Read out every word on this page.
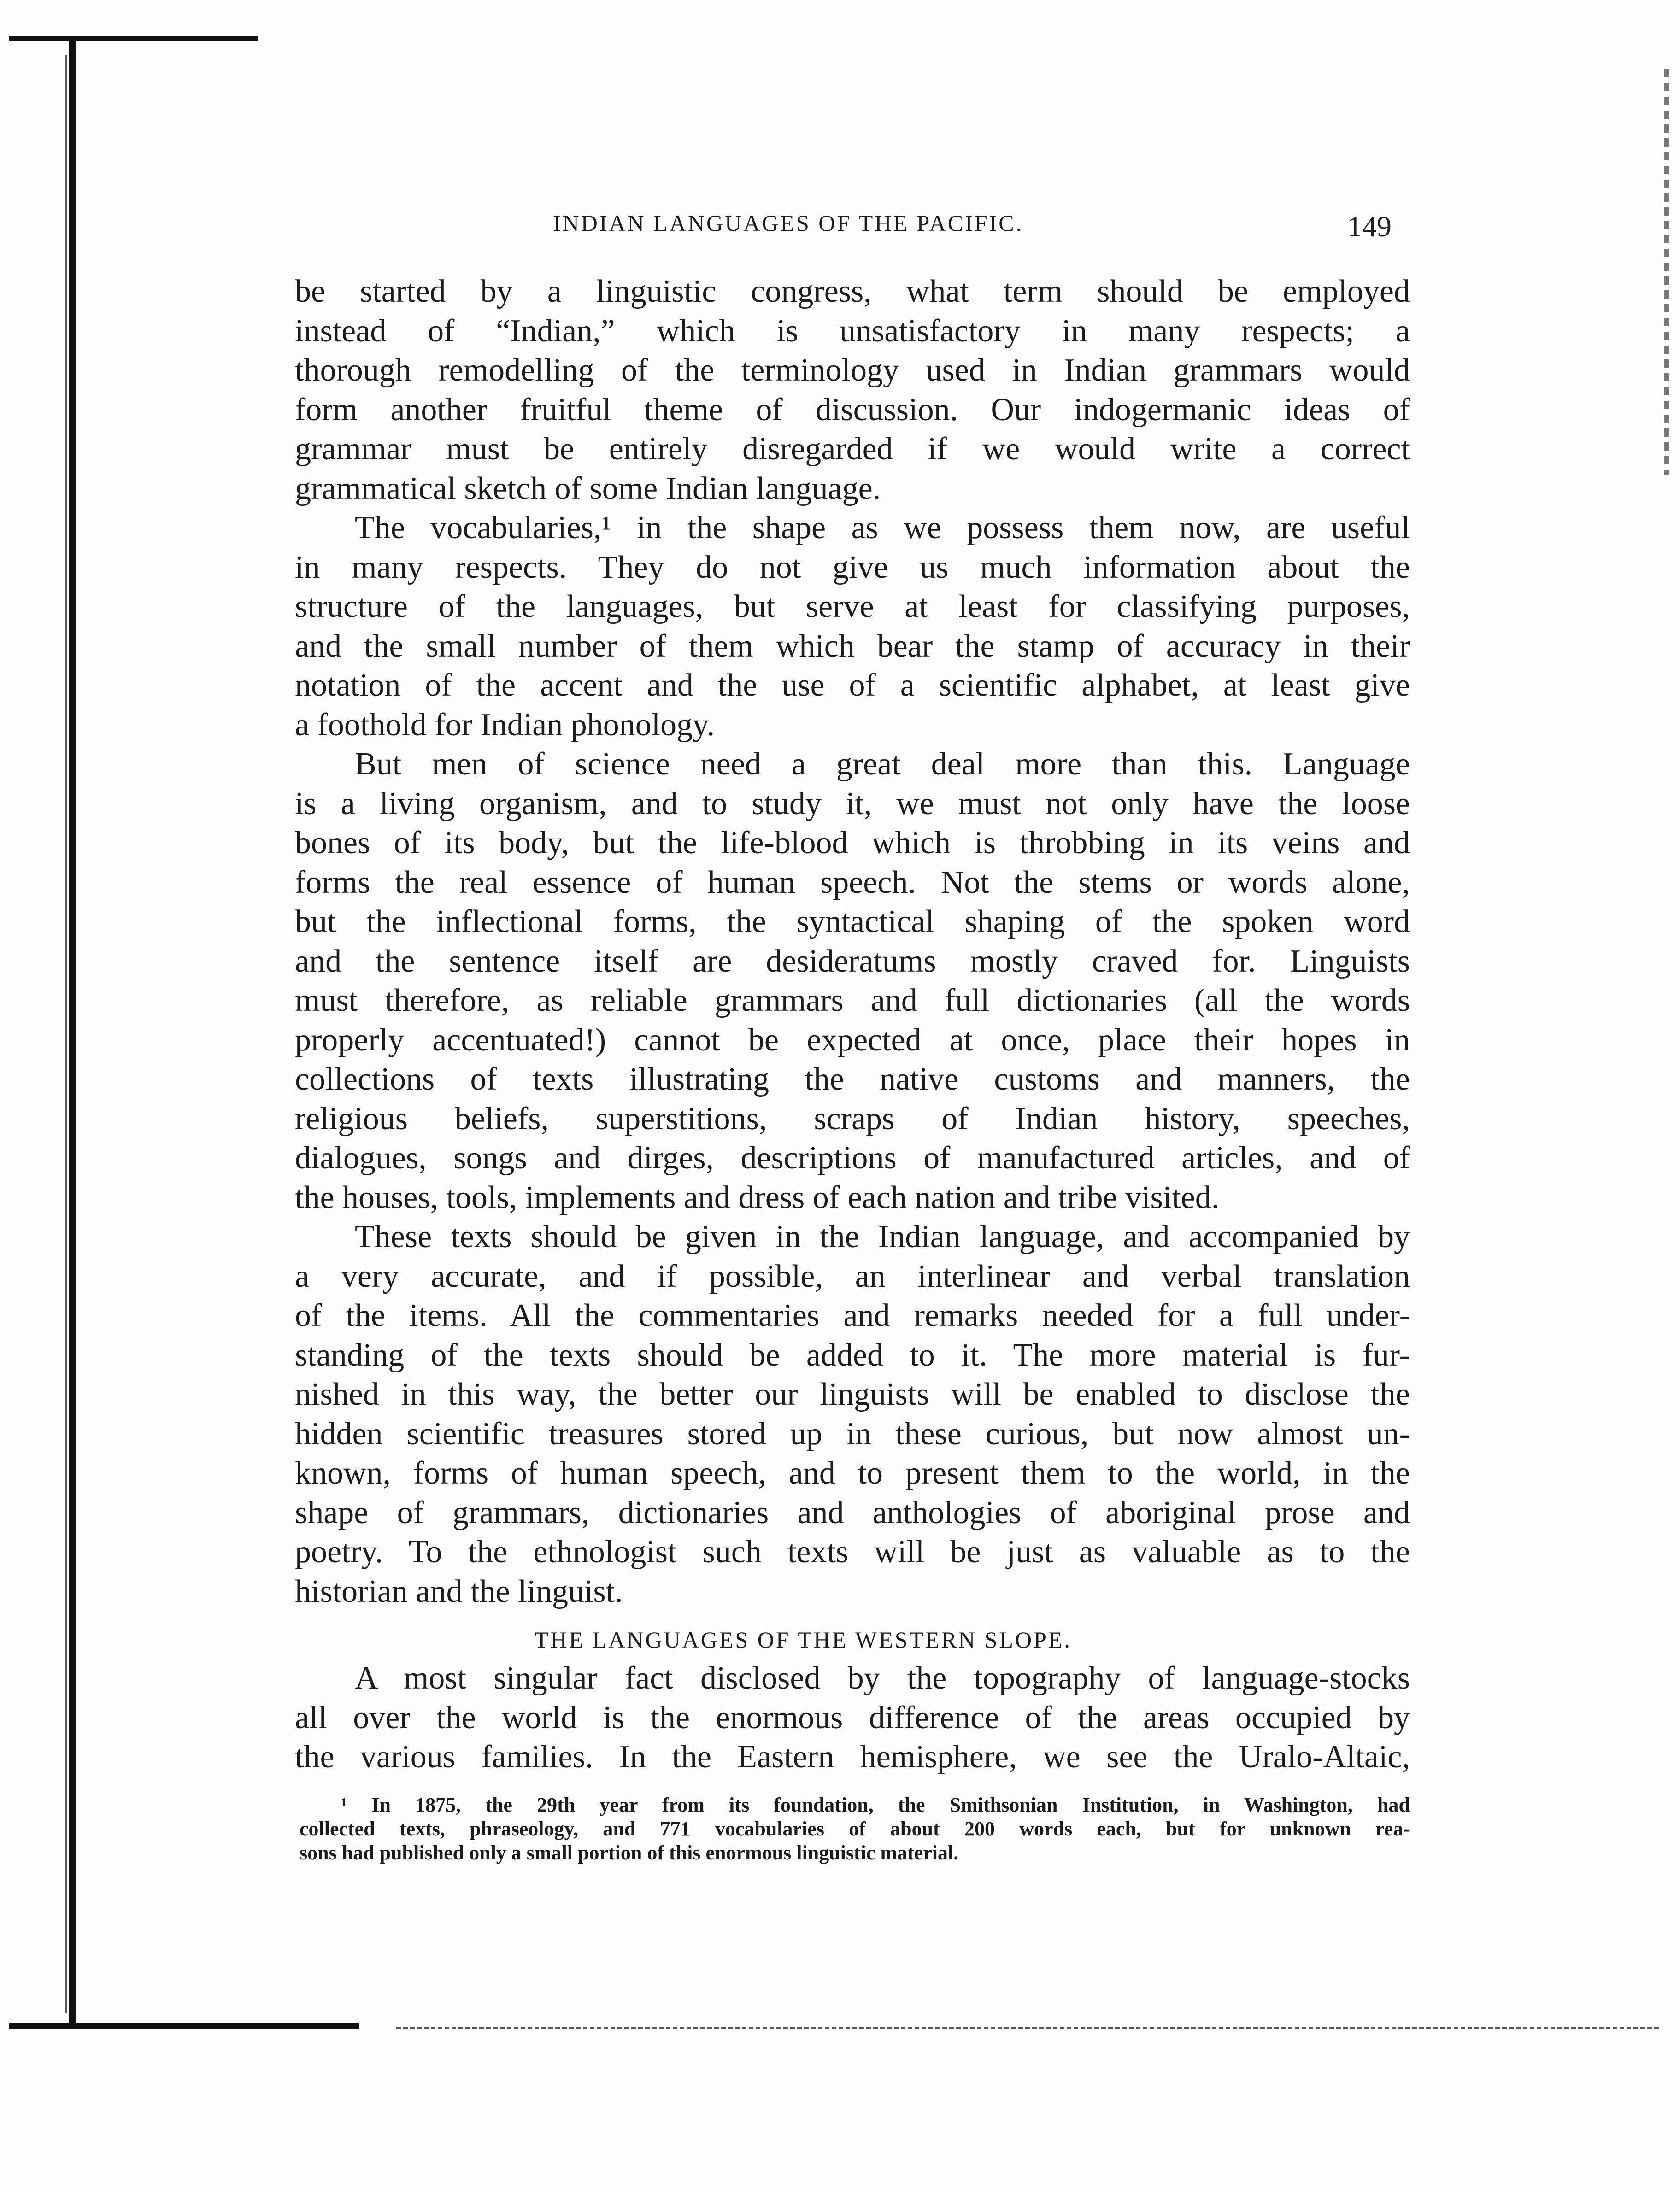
INDIAN LANGUAGES OF THE PACIFIC.	149
be started by a linguistic congress, what term should be employed
instead of “Indian,” which is unsatisfactory in many respects; a
thorough remodelling of the terminology used in Indian grammars would
form another fruitful theme of discussion. Our indogermanic ideas of
grammar must be entirely disregarded if we would write a correct
grammatical sketch of some Indian language.
The vocabularies,¹ in the shape as we possess them now, are useful
in many respects. They do not give us much information about the
structure of the languages, but serve at least for classifying purposes,
and the small number of them which bear the stamp of accuracy in their
notation of the accent and the use of a scientific alphabet, at least give
a foothold for Indian phonology.
But men of science need a great deal more than this. Language
is a living organism, and to study it, we must not only have the loose
bones of its body, but the life-blood which is throbbing in its veins and
forms the real essence of human speech. Not the stems or words alone,
but the inflectional forms, the syntactical shaping of the spoken word
and the sentence itself are desideratums mostly craved for. Linguists
must therefore, as reliable grammars and full dictionaries (all the words
properly accentuated!) cannot be expected at once, place their hopes in
collections of texts illustrating the native customs and manners, the
religious beliefs, superstitions, scraps of Indian history, speeches,
dialogues, songs and dirges, descriptions of manufactured articles, and of
the houses, tools, implements and dress of each nation and tribe visited.
These texts should be given in the Indian language, and accompanied by
a very accurate, and if possible, an interlinear and verbal translation
of the items. All the commentaries and remarks needed for a full under-
standing of the texts should be added to it. The more material is fur-
nished in this way, the better our linguists will be enabled to disclose the
hidden scientific treasures stored up in these curious, but now almost un-
known, forms of human speech, and to present them to the world, in the
shape of grammars, dictionaries and anthologies of aboriginal prose and
poetry. To the ethnologist such texts will be just as valuable as to the
historian and the linguist.
THE LANGUAGES OF THE WESTERN SLOPE.
A most singular fact disclosed by the topography of language-stocks
all over the world is the enormous difference of the areas occupied by
the various families. In the Eastern hemisphere, we see the Uralo-Altaic,
¹ In 1875, the 29th year from its foundation, the Smithsonian Institution, in Washington, had
collected texts, phraseology, and 771 vocabularies of about 200 words each, but for unknown rea-
sons had published only a small portion of this enormous linguistic material.
